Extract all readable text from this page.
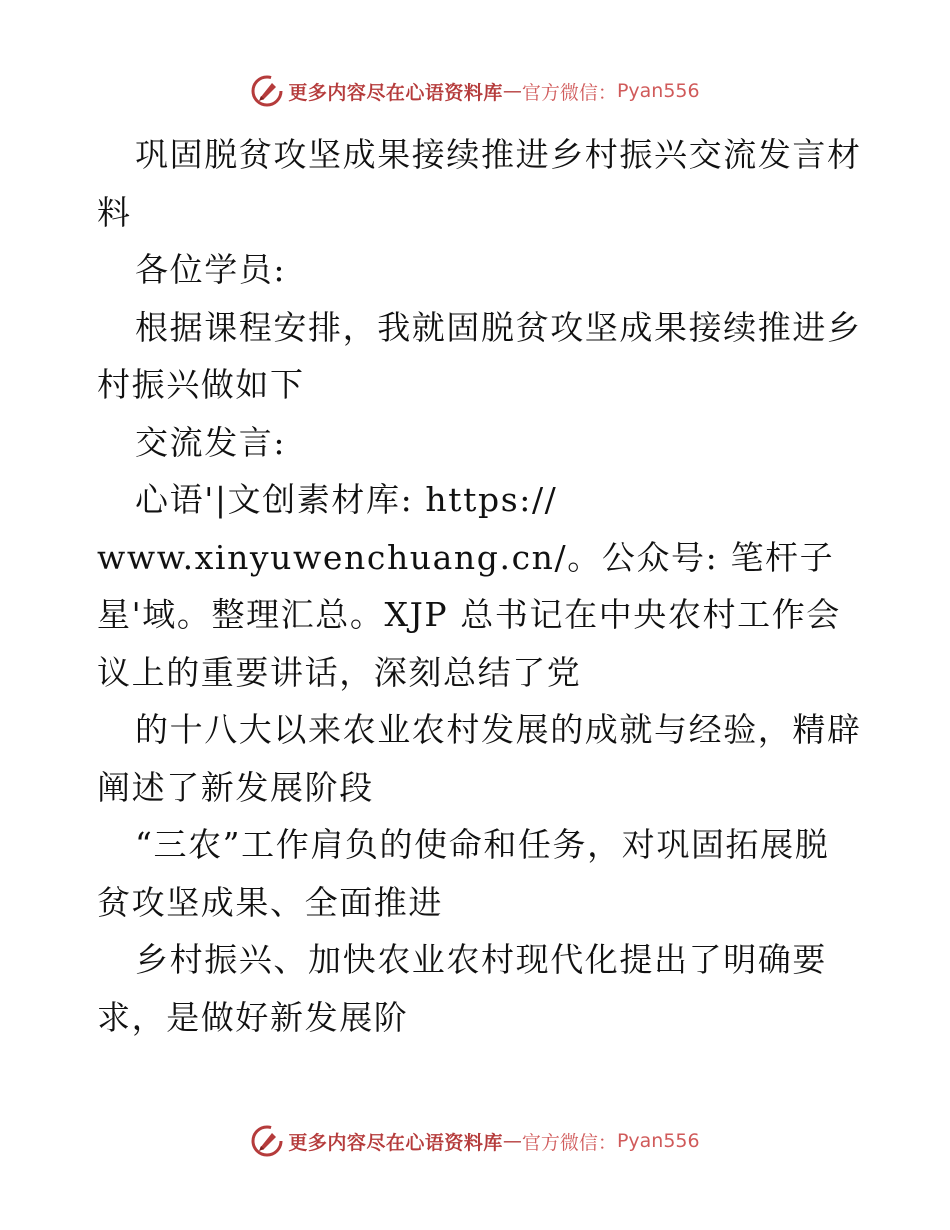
更多内容尽在心语资料库 — 官方微信： Pyan556
巩固脱贫攻坚成果接续推进乡村振兴交流发言材
料
各位学员:
根据课程安排，我就固脱贫攻坚成果接续推进乡
村振兴做如下
交流发言:
心语'|文创素材库: https://
www.xinyuwenchuang.cn/。公众号: 笔杆子
星'域。整理汇总。XJP 总书记在中央农村工作会
议上的重要讲话，深刻总结了党
的十八大以来农业农村发展的成就与经验，精辟
阐述了新发展阶段
“三农”工作肩负的使命和任务，对巩固拓展脱
贫攻坚成果、全面推进
乡村振兴、加快农业农村现代化提出了明确要
求，是做好新发展阶
更多内容尽在心语资料库 — 官方微信： Pyan556
